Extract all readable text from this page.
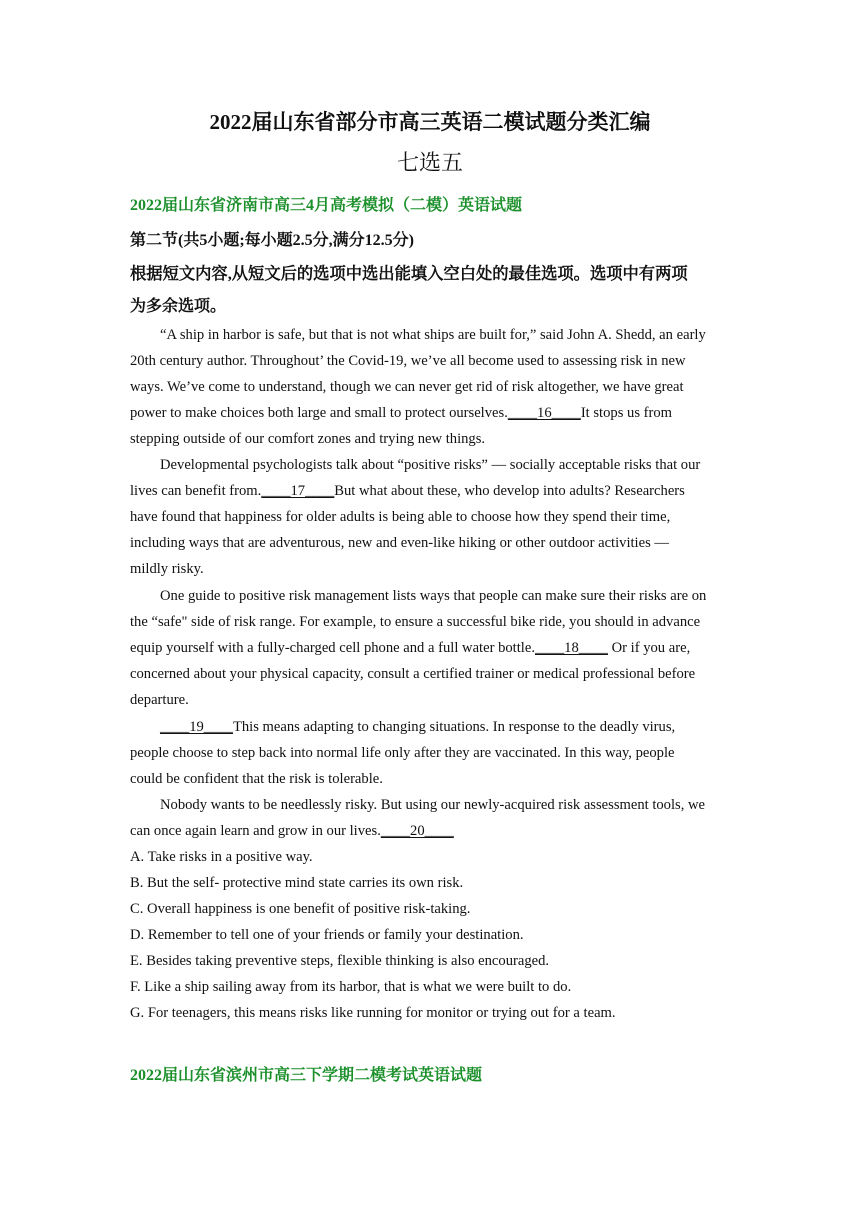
2022届山东省部分市高三英语二模试题分类汇编
七选五
2022届山东省济南市高三4月高考模拟（二模）英语试题
第二节(共5小题;每小题2.5分,满分12.5分)
根据短文内容,从短文后的选项中选出能填入空白处的最佳选项。选项中有两项
为多余选项。
“A ship in harbor is safe, but that is not what ships are built for,” said John A. Shedd, an early
20th century author. Throughout’ the Covid-19, we’ve all become used to assessing risk in new
ways. We’ve come to understand, though we can never get rid of risk altogether, we have great
power to make choices both large and small to protect ourselves.____16____It stops us from
stepping outside of our comfort zones and trying new things.
Developmental psychologists talk about “positive risks” — socially acceptable risks that our
lives can benefit from.____17____But what about these, who develop into adults? Researchers
have found that happiness for older adults is being able to choose how they spend their time,
including ways that are adventurous, new and even-like hiking or other outdoor activities —
mildly risky.
One guide to positive risk management lists ways that people can make sure their risks are on
the “safe" side of risk range. For example, to ensure a successful bike ride, you should in advance
equip yourself with a fully-charged cell phone and a full water bottle.____18____ Or if you are,
concerned about your physical capacity, consult a certified trainer or medical professional before
departure.
____19____This means adapting to changing situations. In response to the deadly virus,
people choose to step back into normal life only after they are vaccinated. In this way, people
could be confident that the risk is tolerable.
Nobody wants to be needlessly risky. But using our newly-acquired risk assessment tools, we
can once again learn and grow in our lives.____20____
A. Take risks in a positive way.
B. But the self- protective mind state carries its own risk.
C. Overall happiness is one benefit of positive risk-taking.
D. Remember to tell one of your friends or family your destination.
E. Besides taking preventive steps, flexible thinking is also encouraged.
F. Like a ship sailing away from its harbor, that is what we were built to do.
G. For teenagers, this means risks like running for monitor or trying out for a team.
2022届山东省滨州市高三下学期二模考试英语试题
